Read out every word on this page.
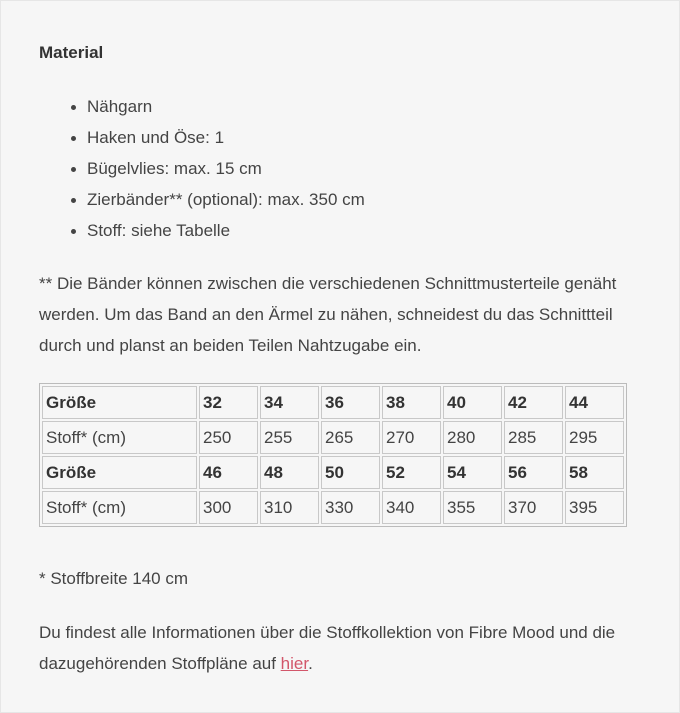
Material
Nähgarn
Haken und Öse: 1
Bügelvlies: max. 15 cm
Zierbänder** (optional): max. 350 cm
Stoff: siehe Tabelle

** Die Bänder können zwischen die verschiedenen Schnittmusterteile genäht werden. Um das Band an den Ärmel zu nähen, schneidest du das Schnittteil durch und planst an beiden Teilen Nahtzugabe ein.

Größe	32	34	36	38	40	42	44
Stoff* (cm)	250	255	265	270	280	285	295
Größe	46	48	50	52	54	56	58
Stoff* (cm)	300	310	330	340	355	370	395

* Stoffbreite 140 cm

Du findest alle Informationen über die Stoffkollektion von Fibre Mood und die dazugehörenden Stoffpläne auf hier.
